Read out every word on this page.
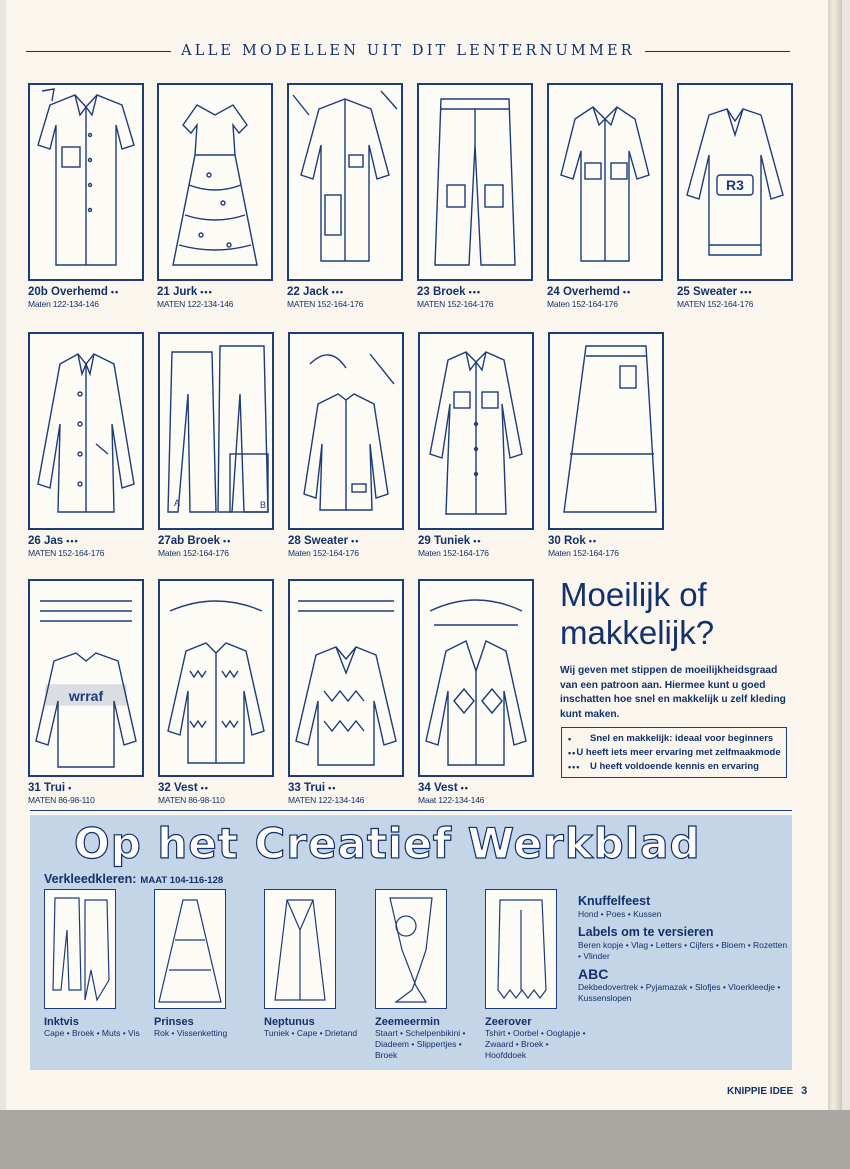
ALLE MODELLEN UIT DIT LENTERNUMMER
20b Overhemd ••
Maten 122-134-146
21 Jurk •••
MATEN 122-134-146
22 Jack •••
MATEN 152-164-176
23 Broek •••
MATEN 152-164-176
24 Overhemd ••
Maten 152-164-176
R3
25 Sweater •••
MATEN 152-164-176
26 Jas •••
MATEN 152-164-176
A	B
27ab Broek ••
Maten 152-164-176
28 Sweater ••
Maten 152-164-176
29 Tuniek ••
Maten 152-164-176
30 Rok ••
Maten 152-164-176
wrraf
31 Trui •
MATEN 86-98-110
32 Vest ••
MATEN 86-98-110
33 Trui ••
MATEN 122-134-146
34 Vest ••
Maat 122-134-146
Moeilijk of
makkelijk?

Wij geven met stippen de moeilijkheidsgraad van een patroon aan. Hiermee kunt u goed inschatten hoe snel en makkelijk u zelf kleding kunt maken.

•	Snel en makkelijk: ideaal voor beginners
•• U heeft iets meer ervaring met zelfmaakmode
•••	U heeft voldoende kennis en ervaring
Op het Creatief Werkblad
Verkleedkleren: MAAT 104-116-128
Inktvis
Cape • Broek • Muts • Vis
Prinses
Rok • Vissenketting
Neptunus
Tuniek • Cape • Drietand
Zeemeermin
Staart • Schelpenbikini • Diadeem • Slippertjes • Broek
Zeerover
Tshirt • Oorbel • Ooglapje • Zwaard • Broek • Hoofddoek
Knuffelfeest
Hond • Poes • Kussen
Labels om te versieren
Beren kopje • Vlag • Letters • Cijfers • Bloem • Rozetten • Vlinder
ABC
Dekbedovertrek • Pyjamazak • Slofjes • Vloerkleedje • Kussenslopen
KNIPPIE IDEE 3
